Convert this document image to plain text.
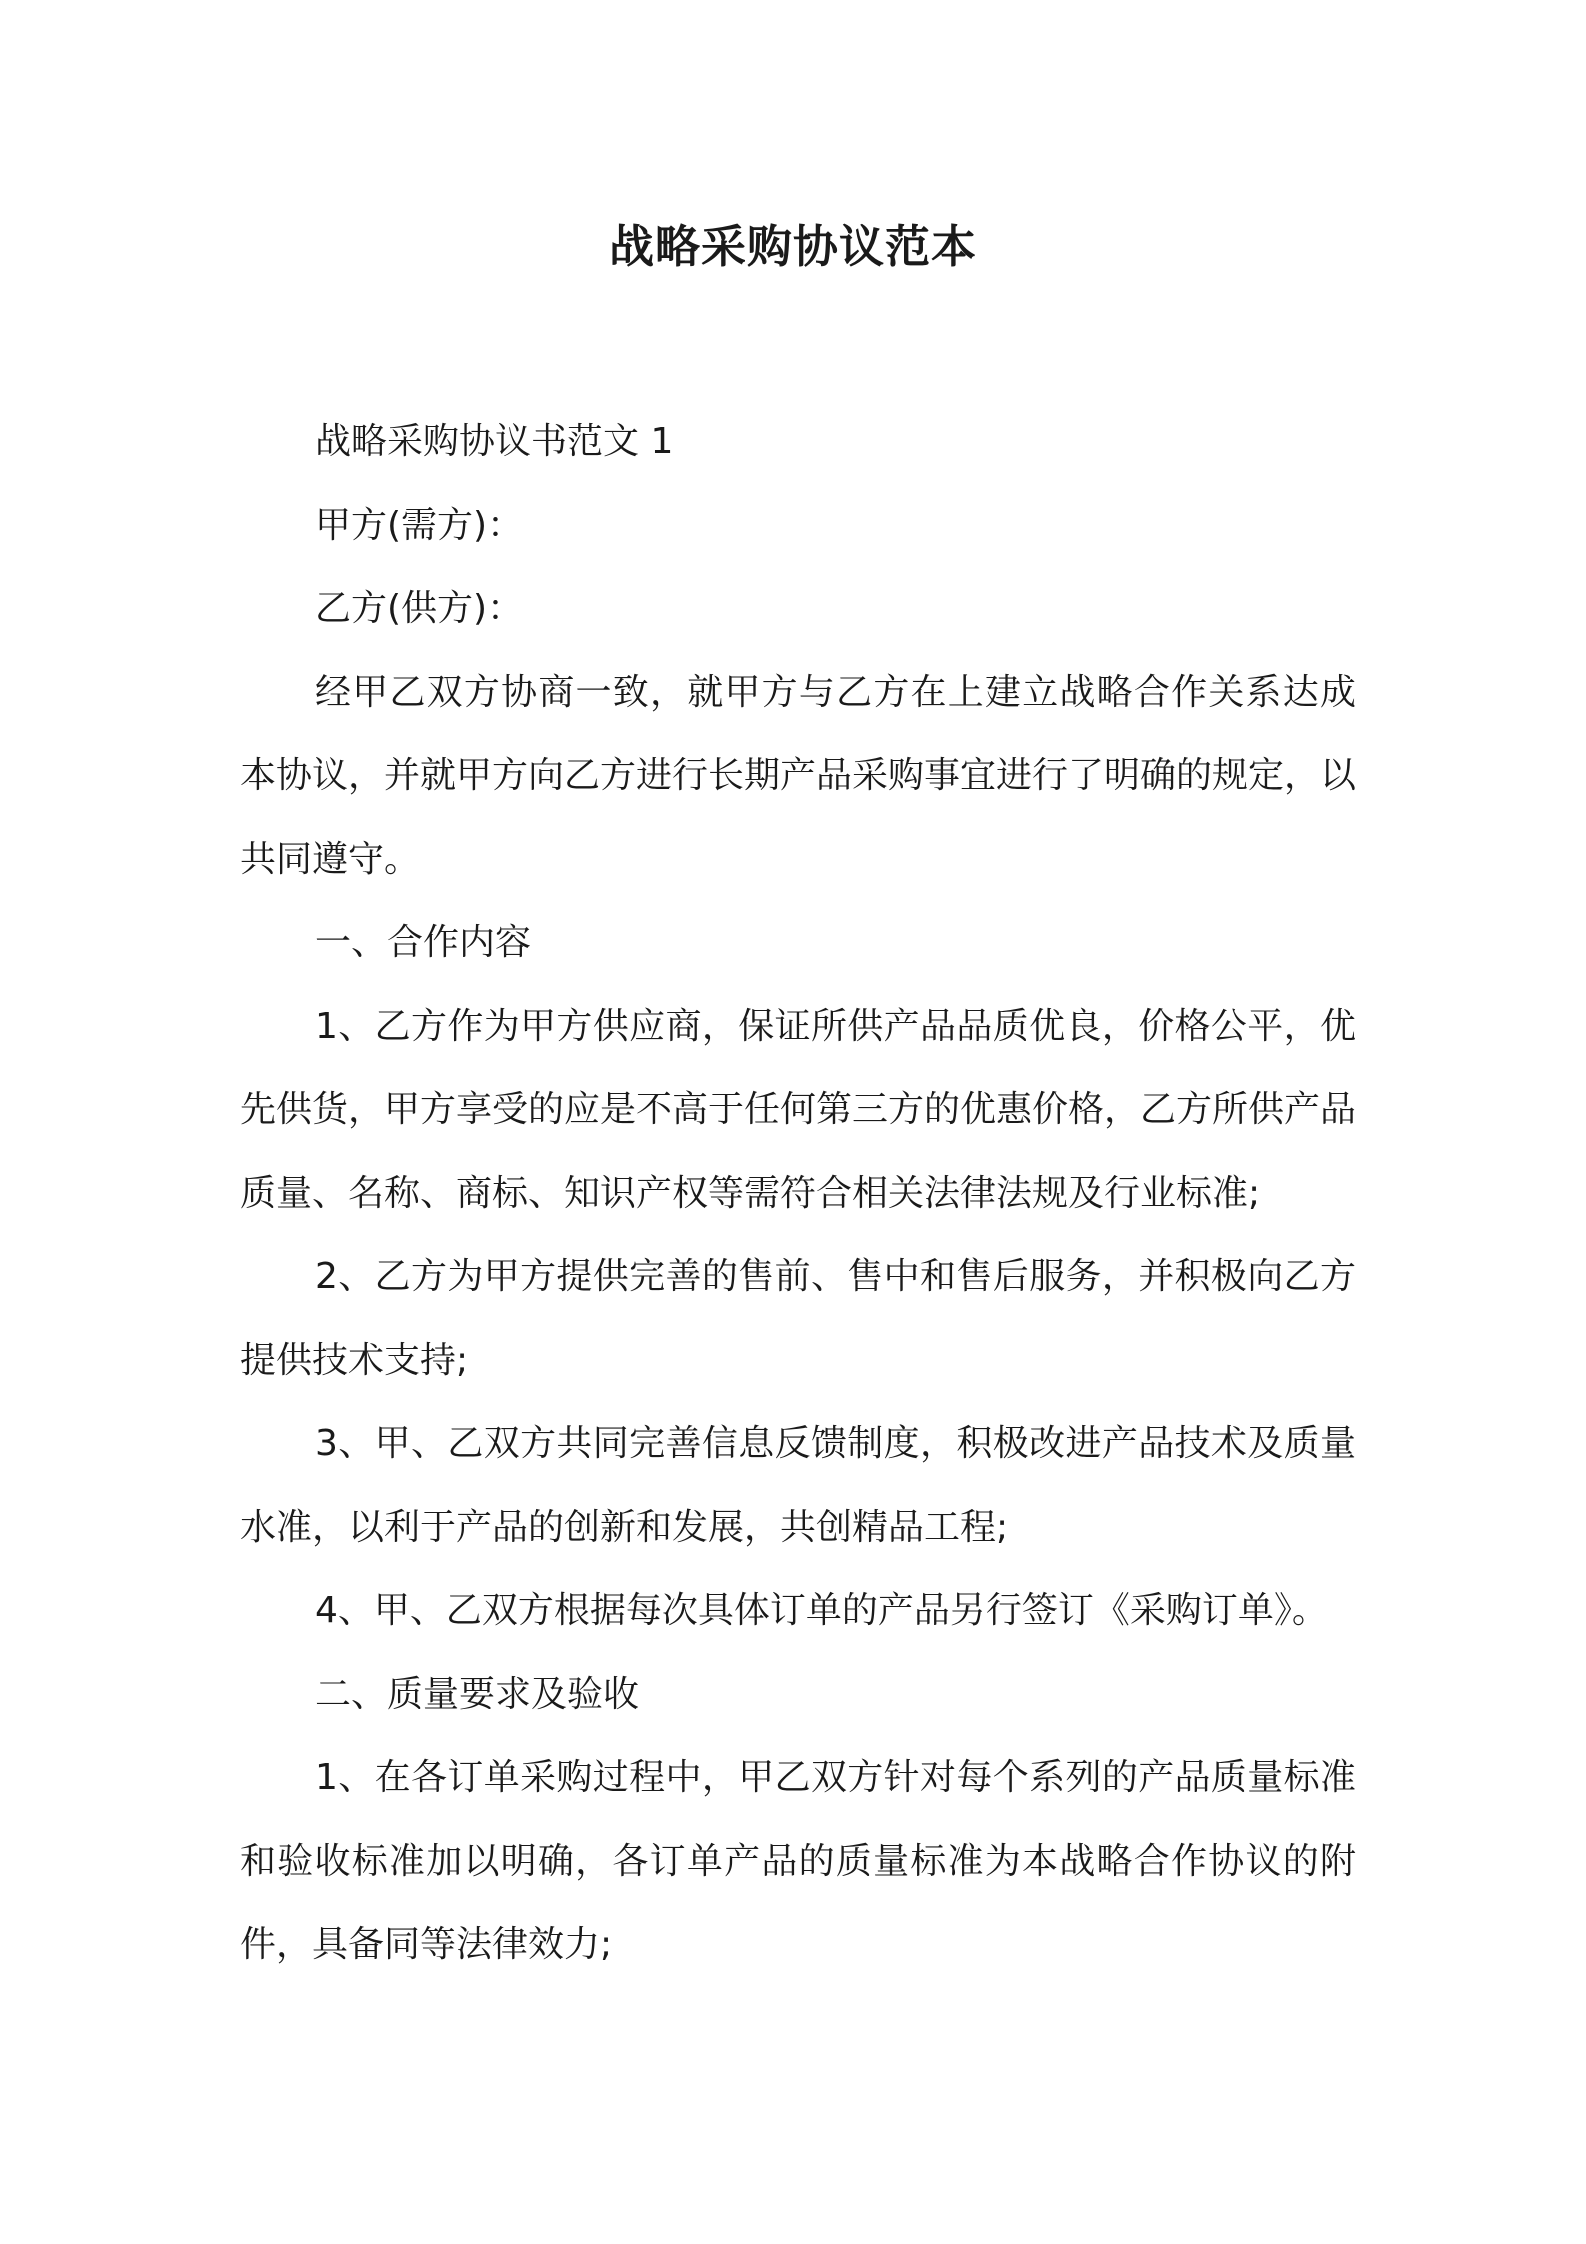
战略采购协议范本

战略采购协议书范文 1

甲方(需方)：

乙方(供方)：

经甲乙双方协商一致，就甲方与乙方在上建立战略合作关系达成本协议，并就甲方向乙方进行长期产品采购事宜进行了明确的规定，以共同遵守。

一、合作内容

1、乙方作为甲方供应商，保证所供产品品质优良，价格公平，优先供货，甲方享受的应是不高于任何第三方的优惠价格，乙方所供产品质量、名称、商标、知识产权等需符合相关法律法规及行业标准;

2、乙方为甲方提供完善的售前、售中和售后服务，并积极向乙方提供技术支持;

3、甲、乙双方共同完善信息反馈制度，积极改进产品技术及质量水准，以利于产品的创新和发展，共创精品工程;

4、甲、乙双方根据每次具体订单的产品另行签订《采购订单》。

二、质量要求及验收

1、在各订单采购过程中，甲乙双方针对每个系列的产品质量标准和验收标准加以明确，各订单产品的质量标准为本战略合作协议的附件，具备同等法律效力;
